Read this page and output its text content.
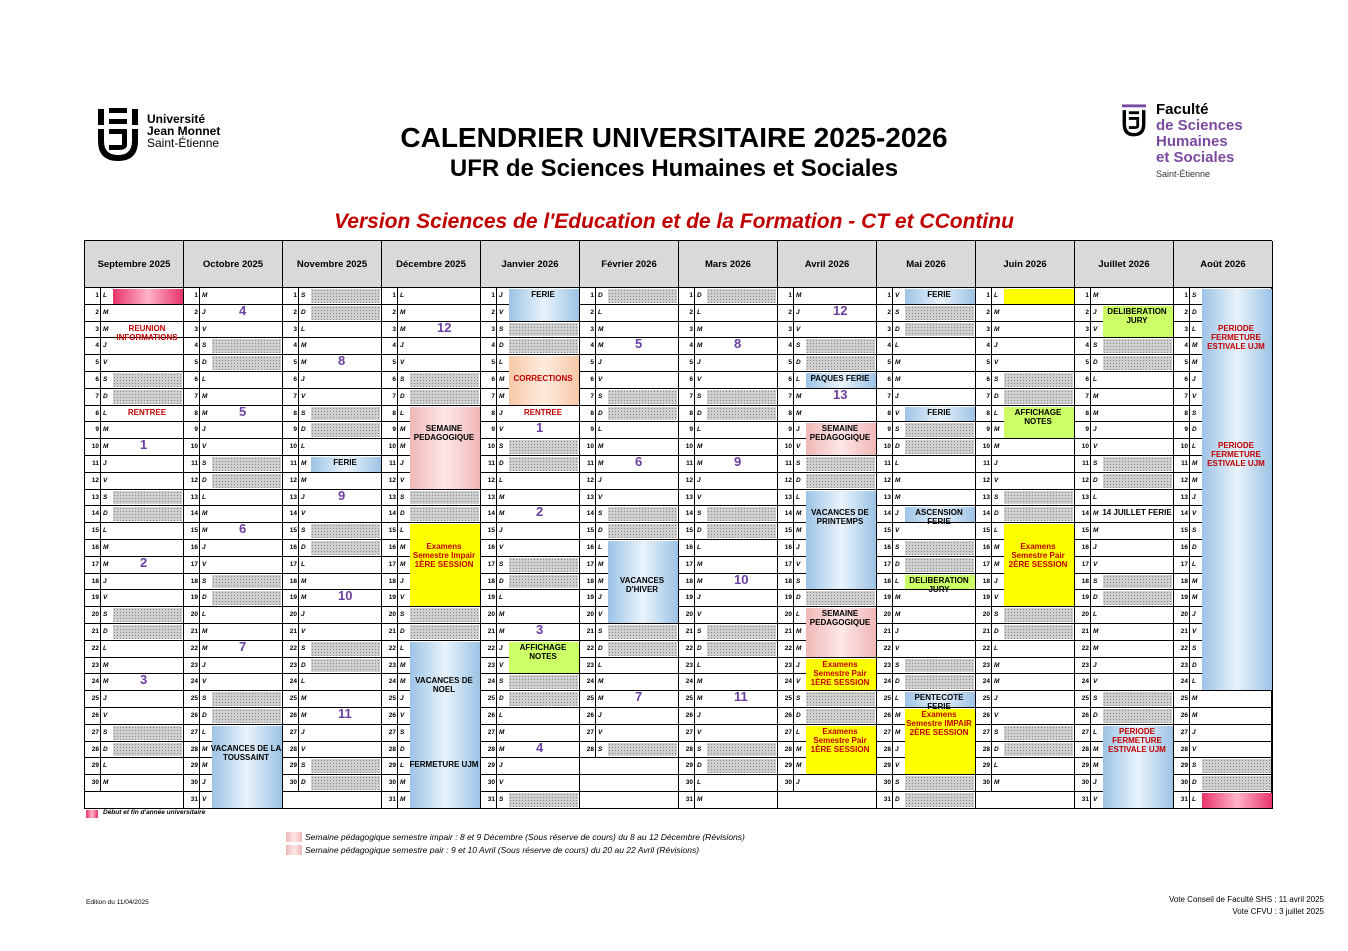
Université
Jean Monnet
Saint-Étienne
Faculté
de Sciences
Humaines
et Sociales
Saint-Étienne
CALENDRIER UNIVERSITAIRE 2025-2026
UFR de Sciences Humaines et Sociales
Version Sciences de l'Education et de la Formation - CT et CContinu
Septembre 2025
1 L
2 M
3 M
4 J
5 V
6 S
7 D
8 L
9 M
10 M
11 J
12 V
13 S
14 D
15 L
16 M
17 M
18 J
19 V
20 S
21 D
22 L
23 M
24 M
25 J
26 V
27 S
28 D
29 L
30 M
REUNION INFORMATIONS
RENTREE
1
2
3
Octobre 2025
1 M
2 J
3 V
4 S
5 D
6 L
7 M
8 M
9 J
10 V
11 S
12 D
13 L
14 M
15 M
16 J
17 V
18 S
19 D
20 L
21 M
22 M
23 J
24 V
25 S
26 D
27 L
28 M
29 M
30 J
31 V
VACANCES DE LA TOUSSAINT
4
5
6
7
Novembre 2025
1 S
2 D
3 L
4 M
5 M
6 J
7 V
8 S
9 D
10 L
11 M
12 M
13 J
14 V
15 S
16 D
17 L
18 M
19 M
20 J
21 V
22 S
23 D
24 L
25 M
26 M
27 J
28 V
29 S
30 D
FERIE
8
9
10
11
Décembre 2025
1 L
2 M
3 M
4 J
5 V
6 S
7 D
8 L
9 M
10 M
11 J
12 V
13 S
14 D
15 L
16 M
17 M
18 J
19 V
20 S
21 D
22 L
23 M
24 M
25 J
26 V
27 S
28 D
29 L
30 M
31 M
SEMAINE PEDAGOGIQUE
Examens Semestre Impair 1ÈRE SESSION
VACANCES DE NOEL
FERMETURE UJM
12
Janvier 2026
1 J
2 V
3 S
4 D
5 L
6 M
7 M
8 J
9 V
10 S
11 D
12 L
13 M
14 M
15 J
16 V
17 S
18 D
19 L
20 M
21 M
22 J
23 V
24 S
25 D
26 L
27 M
28 M
29 J
30 V
31 S
FERIE
CORRECTIONS
RENTREE
AFFICHAGE NOTES
1
2
3
4
Février 2026
1 D
2 L
3 M
4 M
5 J
6 V
7 S
8 D
9 L
10 M
11 M
12 J
13 V
14 S
15 D
16 L
17 M
18 M
19 J
20 V
21 S
22 D
23 L
24 M
25 M
26 J
27 V
28 S
VACANCES D'HIVER
5
6
7
Mars 2026
1 D
2 L
3 M
4 M
5 J
6 V
7 S
8 D
9 L
10 M
11 M
12 J
13 V
14 S
15 D
16 L
17 M
18 M
19 J
20 V
21 S
22 D
23 L
24 M
25 M
26 J
27 V
28 S
29 D
30 L
31 M
8
9
10
11
Avril 2026
1 M
2 J
3 V
4 S
5 D
6 L
7 M
8 M
9 J
10 V
11 S
12 D
13 L
14 M
15 M
16 J
17 V
18 S
19 D
20 L
21 M
22 M
23 J
24 V
25 S
26 D
27 L
28 M
29 M
30 J
PAQUES FERIE
SEMAINE PEDAGOGIQUE
VACANCES DE PRINTEMPS
SEMAINE PEDAGOGIQUE
Examens Semestre Pair 1ÈRE SESSION
Examens Semestre Pair 1ÈRE SESSION
12
13
Mai 2026
1 V
2 S
3 D
4 L
5 M
6 M
7 J
8 V
9 S
10 D
11 L
12 M
13 M
14 J
15 V
16 S
17 D
18 L
19 M
20 M
21 J
22 V
23 S
24 D
25 L
26 M
27 M
28 J
29 V
30 S
31 D
FERIE
FERIE
ASCENSION FERIE
DELIBERATION JURY
PENTECOTE FERIE
Examens Semestre IMPAIR 2ÈRE SESSION
Juin 2026
1 L
2 M
3 M
4 J
5 V
6 S
7 D
8 L
9 M
10 M
11 J
12 V
13 S
14 D
15 L
16 M
17 M
18 J
19 V
20 S
21 D
22 L
23 M
24 M
25 J
26 V
27 S
28 D
29 L
30 M
AFFICHAGE NOTES
Examens Semestre Pair 2ÈRE SESSION
Juillet 2026
1 M
2 J
3 V
4 S
5 D
6 L
7 M
8 M
9 J
10 V
11 S
12 D
13 L
14 M
15 M
16 J
17 V
18 S
19 D
20 L
21 M
22 M
23 J
24 V
25 S
26 D
27 L
28 M
29 M
30 J
31 V
DELIBERATION JURY
14 JUILLET FERIE
PERIODE FERMETURE ESTIVALE UJM
Août 2026
1 S
2 D
3 L
4 M
5 M
6 J
7 V
8 S
9 D
10 L
11 M
12 M
13 J
14 V
15 S
16 D
17 L
18 M
19 M
20 J
21 V
22 S
23 D
24 L
25 M
26 M
27 J
28 V
29 S
30 D
31 L
PERIODE FERMETURE ESTIVALE UJM
PERIODE FERMETURE ESTIVALE UJM
Début et fin d'année universitaire
Semaine pédagogique semestre impair : 8 et 9 Décembre (Sous réserve de cours) du 8 au 12 Décembre (Révisions)
Semaine pédagogique semestre pair : 9 et 10 Avril (Sous réserve de cours) du 20 au 22 Avril (Révisions)
Edition du 11/04/2025	Vote Conseil de Faculté SHS : 11 avril 2025
Vote CFVU : 3 juillet 2025
